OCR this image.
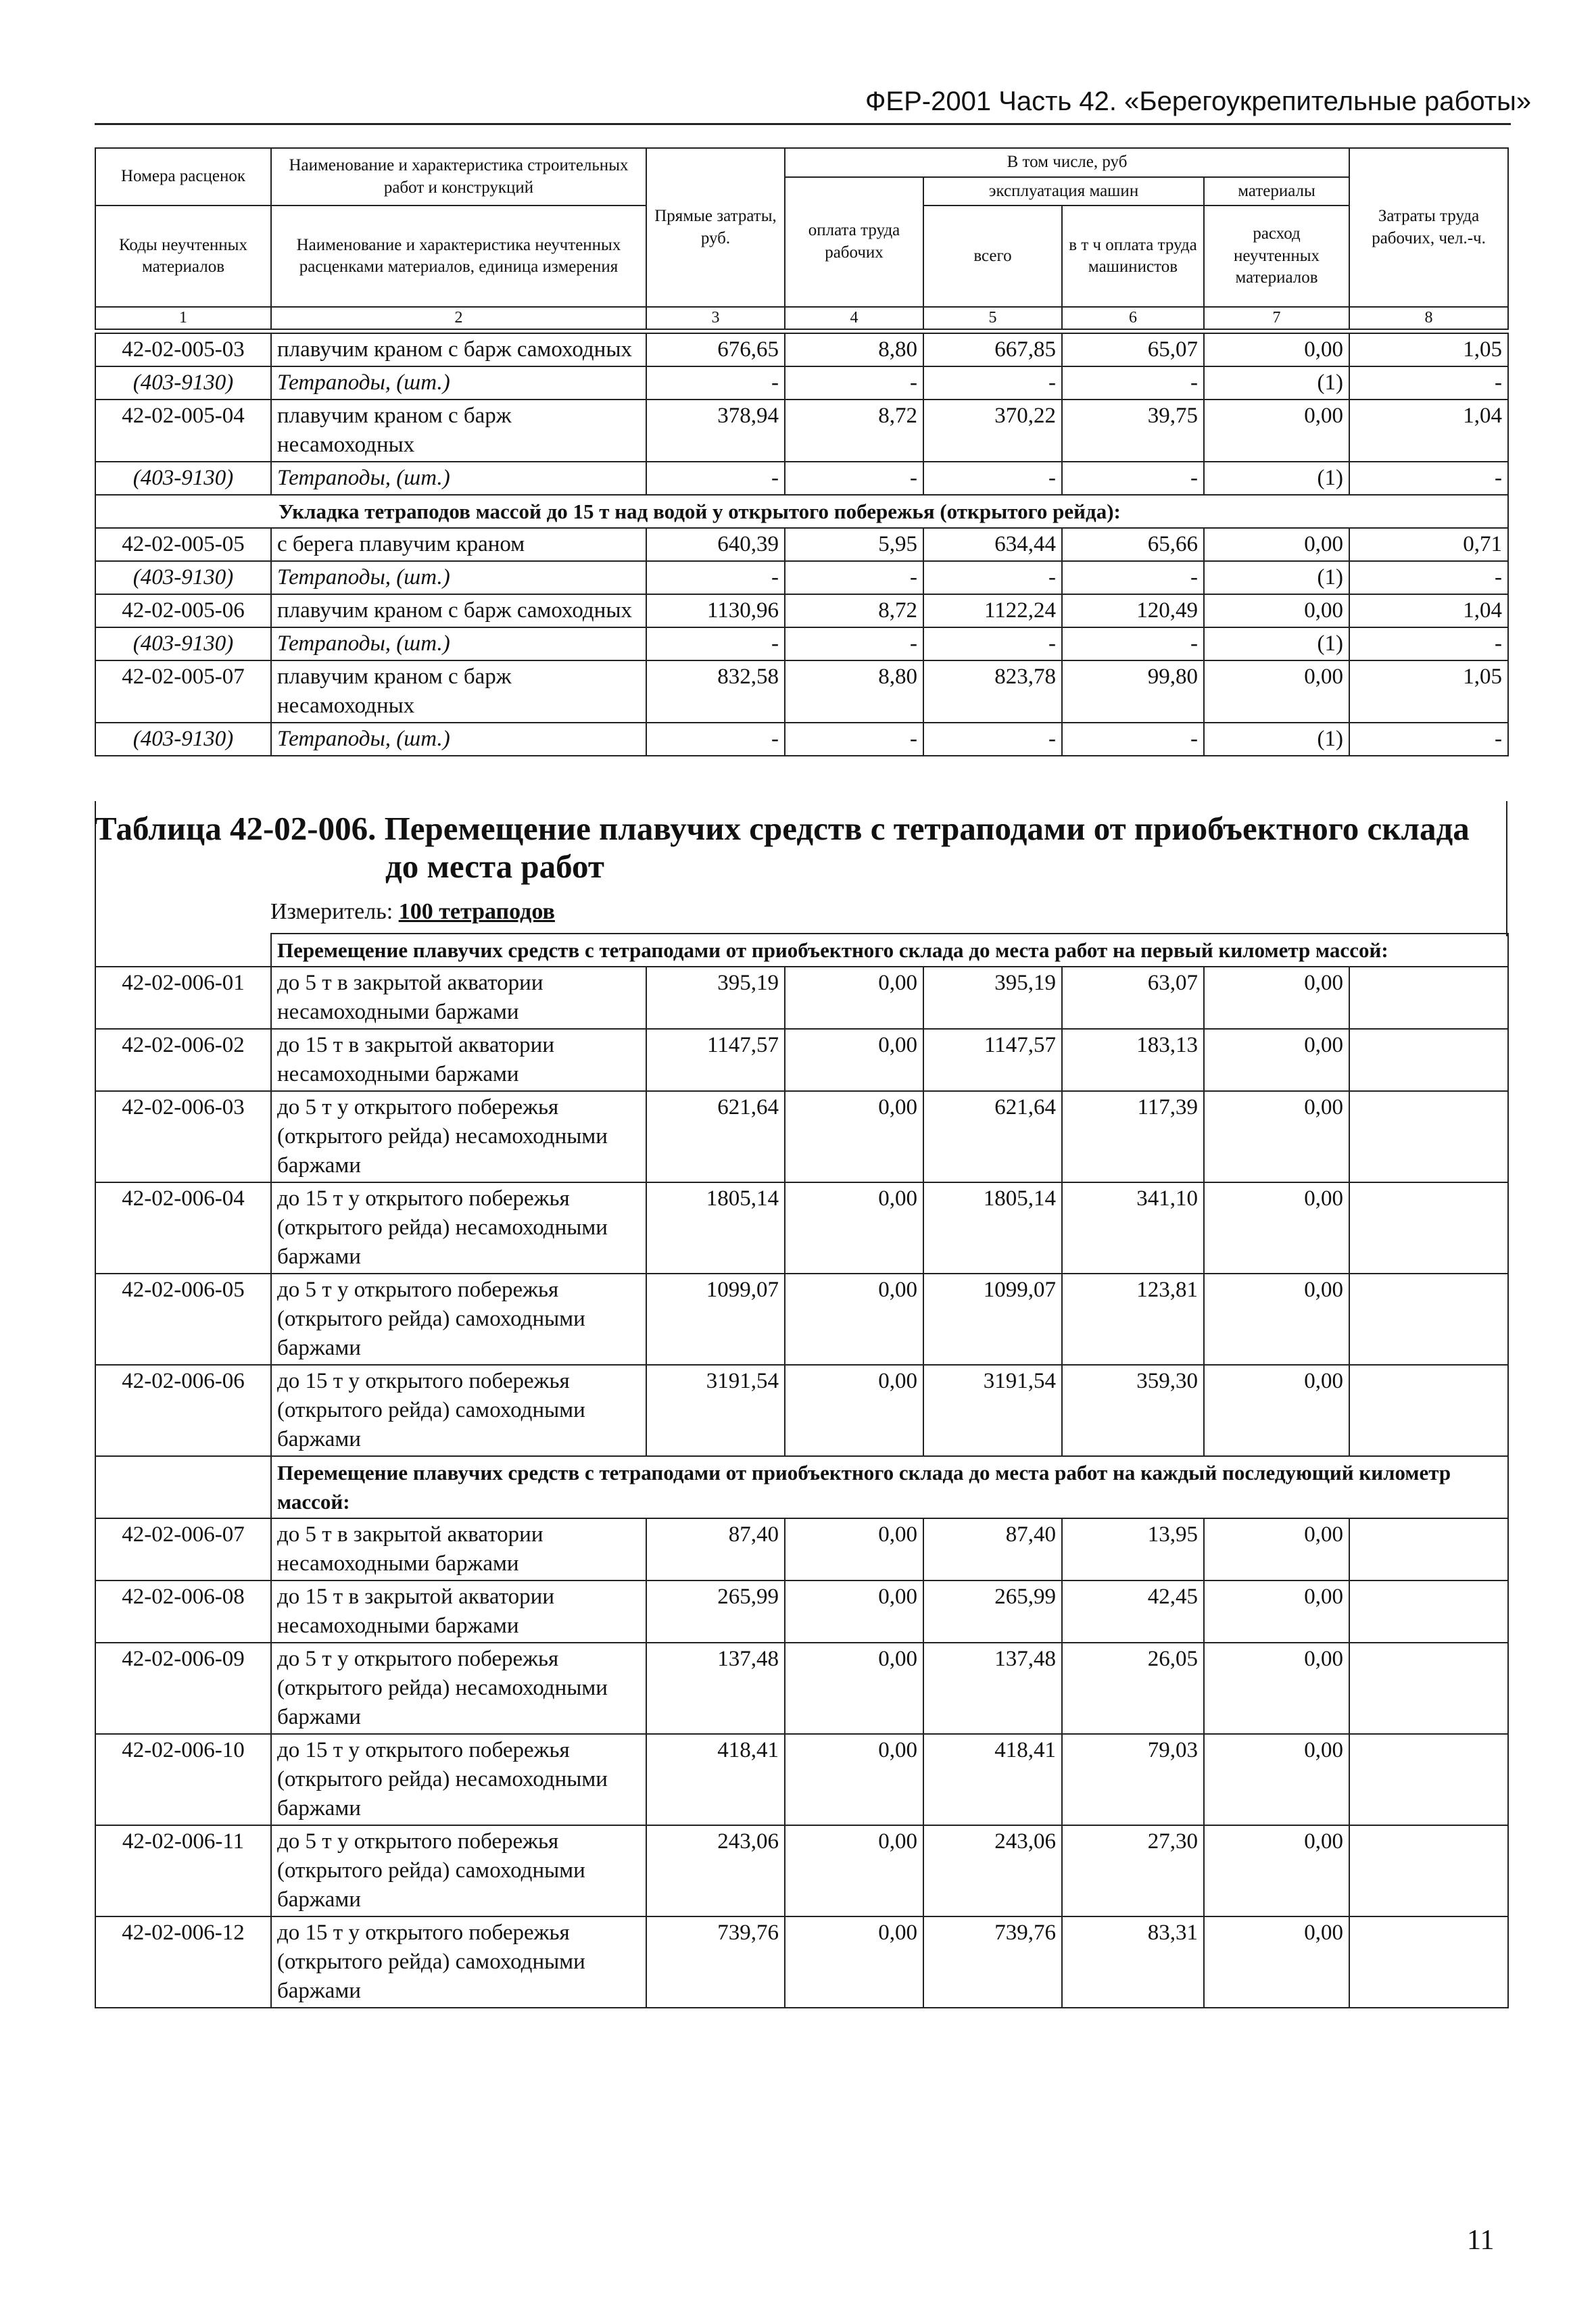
ФЕР-2001 Часть 42. «Берегоукрепительные работы»
Номера расценок	Наименование и характеристика строительных работ и конструкций	Прямые затраты, руб.	В том числе, руб				Затраты труда рабочих, чел.-ч.
			оплата труда рабочих	эксплуатация машин		материалы	
Коды неучтенных материалов	Наименование и характеристика неучтенных расценками материалов, единица измерения			всего	в т ч оплата труда машинистов	расход неучтенных материалов	
1	2	3	4	5	6	7	8
42-02-005-03	плавучим краном с барж самоходных	676,65	8,80	667,85	65,07	0,00	1,05
(403-9130)	Тетраподы, (шт.)	-	-	-	-	(1)	-
42-02-005-04	плавучим краном с барж несамоходных	378,94	8,72	370,22	39,75	0,00	1,04
(403-9130)	Тетраподы, (шт.)	-	-	-	-	(1)	-
Укладка тетраподов массой до 15 т над водой у открытого побережья (открытого рейда):							
42-02-005-05	с берега плавучим краном	640,39	5,95	634,44	65,66	0,00	0,71
(403-9130)	Тетраподы, (шт.)	-	-	-	-	(1)	-
42-02-005-06	плавучим краном с барж самоходных	1130,96	8,72	1122,24	120,49	0,00	1,04
(403-9130)	Тетраподы, (шт.)	-	-	-	-	(1)	-
42-02-005-07	плавучим краном с барж несамоходных	832,58	8,80	823,78	99,80	0,00	1,05
(403-9130)	Тетраподы, (шт.)	-	-	-	-	(1)	-
Таблица 42-02-006. Перемещение плавучих средств с тетраподами от приобъектного склада
до места работ
Измеритель: 100 тетраподов
	Перемещение плавучих средств с тетраподами от приобъектного склада до места работ на первый километр массой:						
42-02-006-01	до 5 т в закрытой акватории несамоходными баржами	395,19	0,00	395,19	63,07	0,00	
42-02-006-02	до 15 т в закрытой акватории несамоходными баржами	1147,57	0,00	1147,57	183,13	0,00	
42-02-006-03	до 5 т у открытого побережья (открытого рейда) несамоходными баржами	621,64	0,00	621,64	117,39	0,00	
42-02-006-04	до 15 т у открытого побережья (открытого рейда) несамоходными баржами	1805,14	0,00	1805,14	341,10	0,00	
42-02-006-05	до 5 т у открытого побережья (открытого рейда) самоходными баржами	1099,07	0,00	1099,07	123,81	0,00	
42-02-006-06	до 15 т у открытого побережья (открытого рейда) самоходными баржами	3191,54	0,00	3191,54	359,30	0,00	
	Перемещение плавучих средств с тетраподами от приобъектного склада до места работ на каждый последующий километр массой:						
42-02-006-07	до 5 т в закрытой акватории несамоходными баржами	87,40	0,00	87,40	13,95	0,00	
42-02-006-08	до 15 т в закрытой акватории несамоходными баржами	265,99	0,00	265,99	42,45	0,00	
42-02-006-09	до 5 т у открытого побережья (открытого рейда) несамоходными баржами	137,48	0,00	137,48	26,05	0,00	
42-02-006-10	до 15 т у открытого побережья (открытого рейда) несамоходными баржами	418,41	0,00	418,41	79,03	0,00	
42-02-006-11	до 5 т у открытого побережья (открытого рейда) самоходными баржами	243,06	0,00	243,06	27,30	0,00	
42-02-006-12	до 15 т у открытого побережья (открытого рейда) самоходными баржами	739,76	0,00	739,76	83,31	0,00	
11
